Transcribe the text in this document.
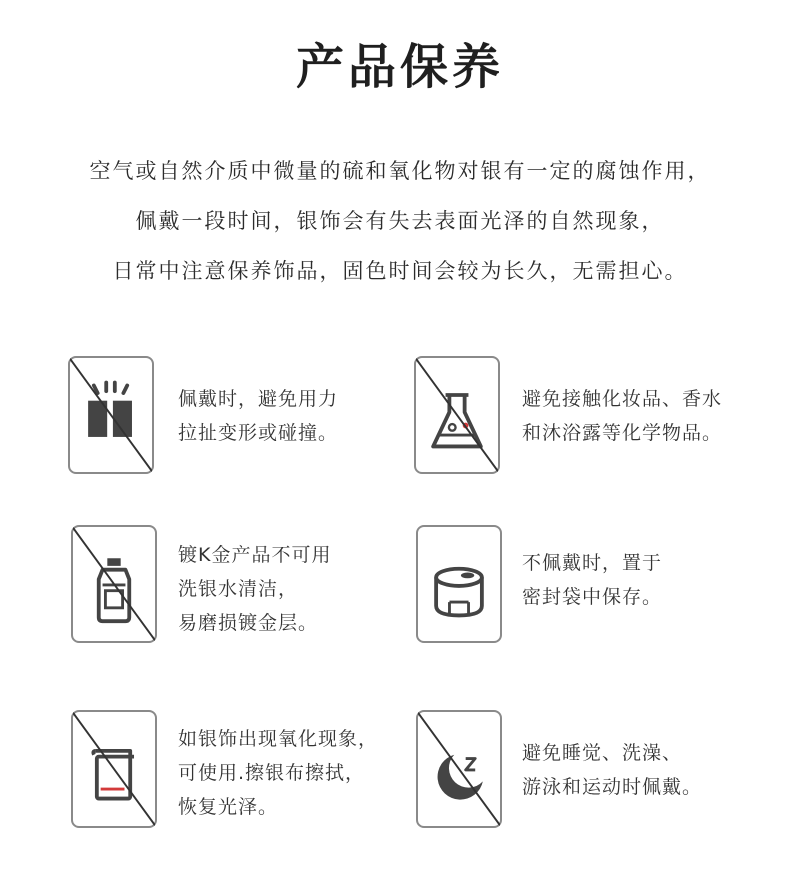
产品保养
空气或自然介质中微量的硫和氧化物对银有一定的腐蚀作用，
佩戴一段时间，银饰会有失去表面光泽的自然现象，
日常中注意保养饰品，固色时间会较为长久，无需担心。
佩戴时，避免用力
拉扯变形或碰撞。
避免接触化妆品、香水
和沐浴露等化学物品。
镀K金产品不可用
洗银水清洁，
易磨损镀金层。
不佩戴时，置于
密封袋中保存。
如银饰出现氧化现象，
可使用.擦银布擦拭，
恢复光泽。
避免睡觉、洗澡、
游泳和运动时佩戴。
